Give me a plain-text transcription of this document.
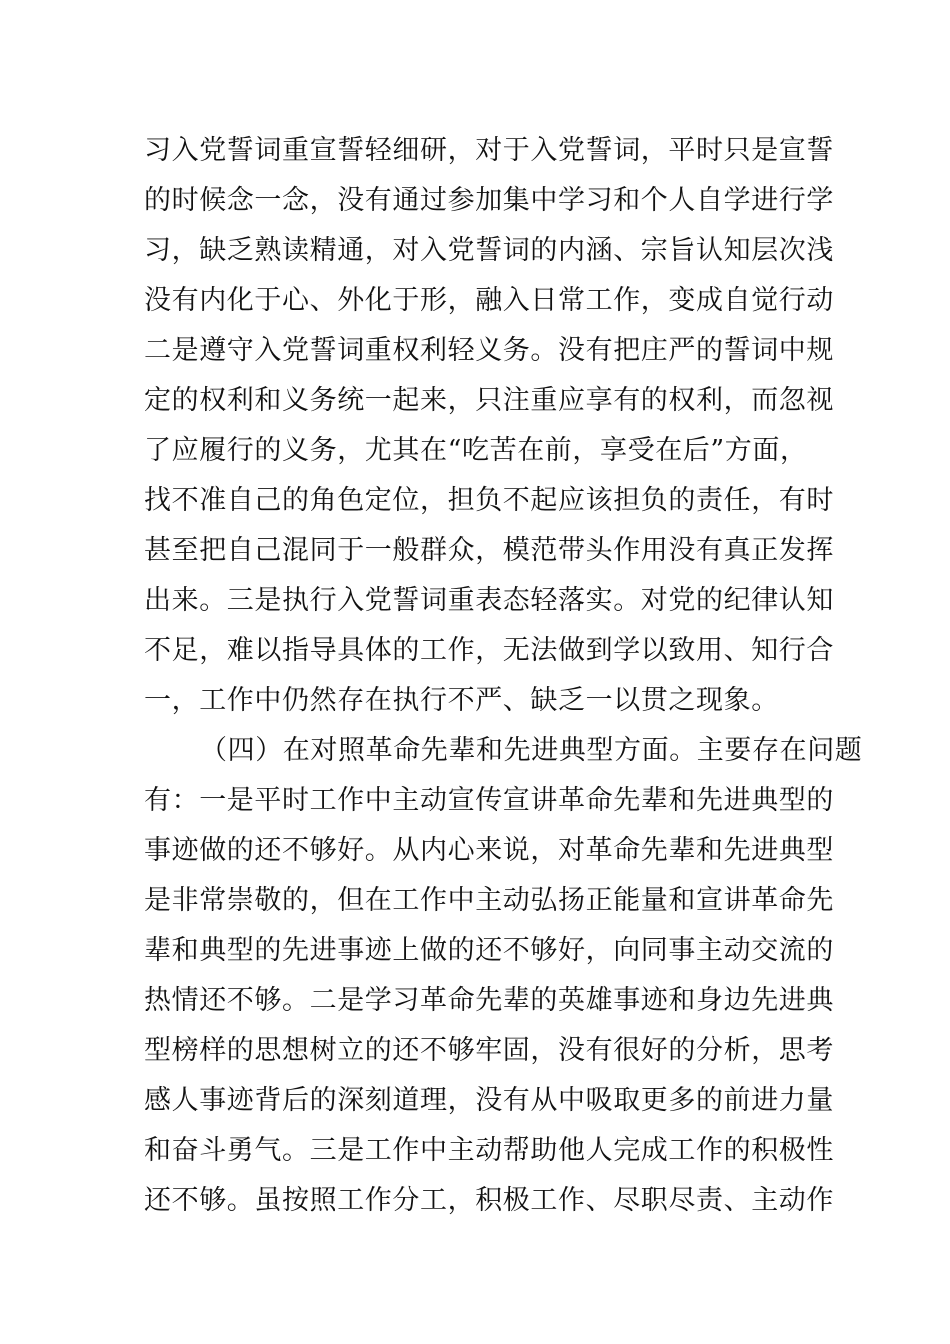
习入党誓词重宣誓轻细研，对于入党誓词，平时只是宣誓
的时候念一念，没有通过参加集中学习和个人自学进行学
习，缺乏熟读精通，对入党誓词的内涵、宗旨认知层次浅
没有内化于心、外化于形，融入日常工作，变成自觉行动
二是遵守入党誓词重权利轻义务。没有把庄严的誓词中规
定的权利和义务统一起来，只注重应享有的权利，而忽视
了应履行的义务，尤其在“吃苦在前，享受在后”方面，
找不准自己的角色定位，担负不起应该担负的责任，有时
甚至把自己混同于一般群众，模范带头作用没有真正发挥
出来。三是执行入党誓词重表态轻落实。对党的纪律认知
不足，难以指导具体的工作，无法做到学以致用、知行合
一，工作中仍然存在执行不严、缺乏一以贯之现象。
（四）在对照革命先辈和先进典型方面。主要存在问题
有：一是平时工作中主动宣传宣讲革命先辈和先进典型的
事迹做的还不够好。从内心来说，对革命先辈和先进典型
是非常崇敬的，但在工作中主动弘扬正能量和宣讲革命先
辈和典型的先进事迹上做的还不够好，向同事主动交流的
热情还不够。二是学习革命先辈的英雄事迹和身边先进典
型榜样的思想树立的还不够牢固，没有很好的分析，思考
感人事迹背后的深刻道理，没有从中吸取更多的前进力量
和奋斗勇气。三是工作中主动帮助他人完成工作的积极性
还不够。虽按照工作分工，积极工作、尽职尽责、主动作
